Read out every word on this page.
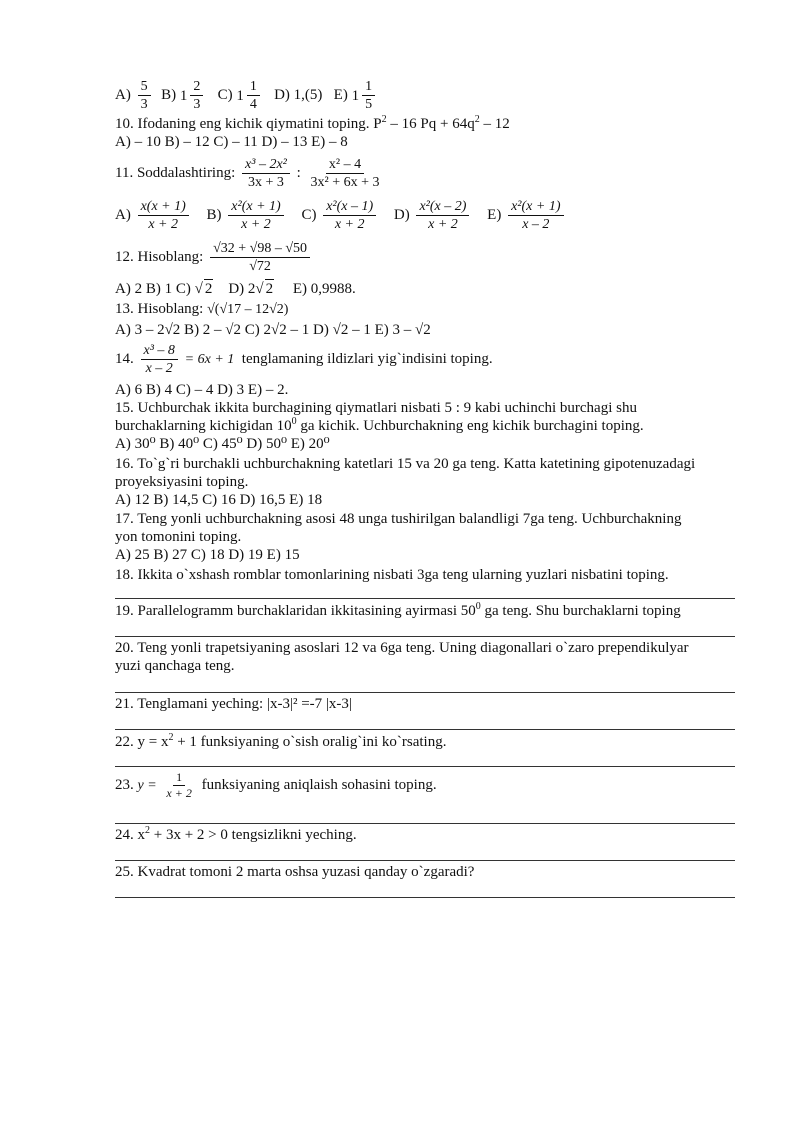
$A) \frac{5}{3} B$) 1
2
3
C) 1
1
4
D) 1,(5) E) 1
1
5
10. Ifodaning eng kichik qiymatini toping. $P^2 - 16$ $Pq + 64q^2 - 12$
A) – 10 B) – 12 C) – 11 D) – 13 E) – 8
11. Soddalashtiring: $\frac{\text{x³ – 2x²}}{3x + 3}$ : $\frac{\text{x² – 4}}{\text{3x² + 6x + 3}}$
$A) \frac{x(x + 1)}{x + 2} B) \frac{\text{x²(x + 1)}}{x + 2} C) \frac{\text{x²(x – 1)}}{x + 2} D) \frac{\text{x²(x – 2)}}{x + 2} E) \frac{\text{x²(x + 1)}}{x - 2}$
12. Hisoblang: $\frac{√32 + √98 - √50}{√72}$
A) 2 B) 1 C) √ 2 D) 2√ 2 E) 0,9988.
13. Hisoblang: √(√17 – 12√2)
A) 3 – 2√2 B) 2 – √2 C) 2√2 – 1 D) √2 – 1 E) 3 – √2
14. $\frac{\text{x³ – 8}}{x - 2} = 6x + 1$ tenglamaning ildizlari yig`indisini toping.
A) 6 B) 4 C) – 4 D) 3 E) – 2.
15. Uchburchak ikkita burchagining qiymatlari nisbati 5 : 9 kabi uchinchi burchagi shu
burchaklarning kichigidan $10^0$ ga kichik. Uchburchakning eng kichik burchagini toping.
A) 30⁰ B) 40⁰ C) 45⁰ D) 50⁰ E) 20⁰
16. To`g`ri burchakli uchburchakning katetlari 15 va 20 ga teng. Katta katetining gipotenuzadagi
proyeksiyasini toping.
A) 12 B) 14,5 C) 16 D) 16,5 E) 18
17. Teng yonli uchburchakning asosi 48 unga tushirilgan balandligi 7ga teng. Uchburchakning
yon tomonini toping.
A) 25 B) 27 C) 18 D) 19 E) 15
18. Ikkita o`xshash romblar tomonlarining nisbati 3ga teng ularning yuzlari nisbatini toping.
19. Parallelogramm burchaklaridan ikkitasining ayirmasi $50^0$ ga teng. Shu burchaklarni toping
20. Teng yonli trapetsiyaning asoslari 12 va 6ga teng. Uning diagonallari o`zaro prependikulyar
yuzi qanchaga teng.
21. Tenglamani yeching: |x-3|² =-7 |x-3|
22. $y = x^2 + 1$ funksiyaning o`sish oralig`ini ko`rsating.
23. $y = \frac{1}{x + 2}$ funksiyaning aniqlaish sohasini toping.
24. $x^2 + 3x + 2 > 0$ tengsizlikni yeching.
25. Kvadrat tomoni 2 marta oshsa yuzasi qanday o`zgaradi?
